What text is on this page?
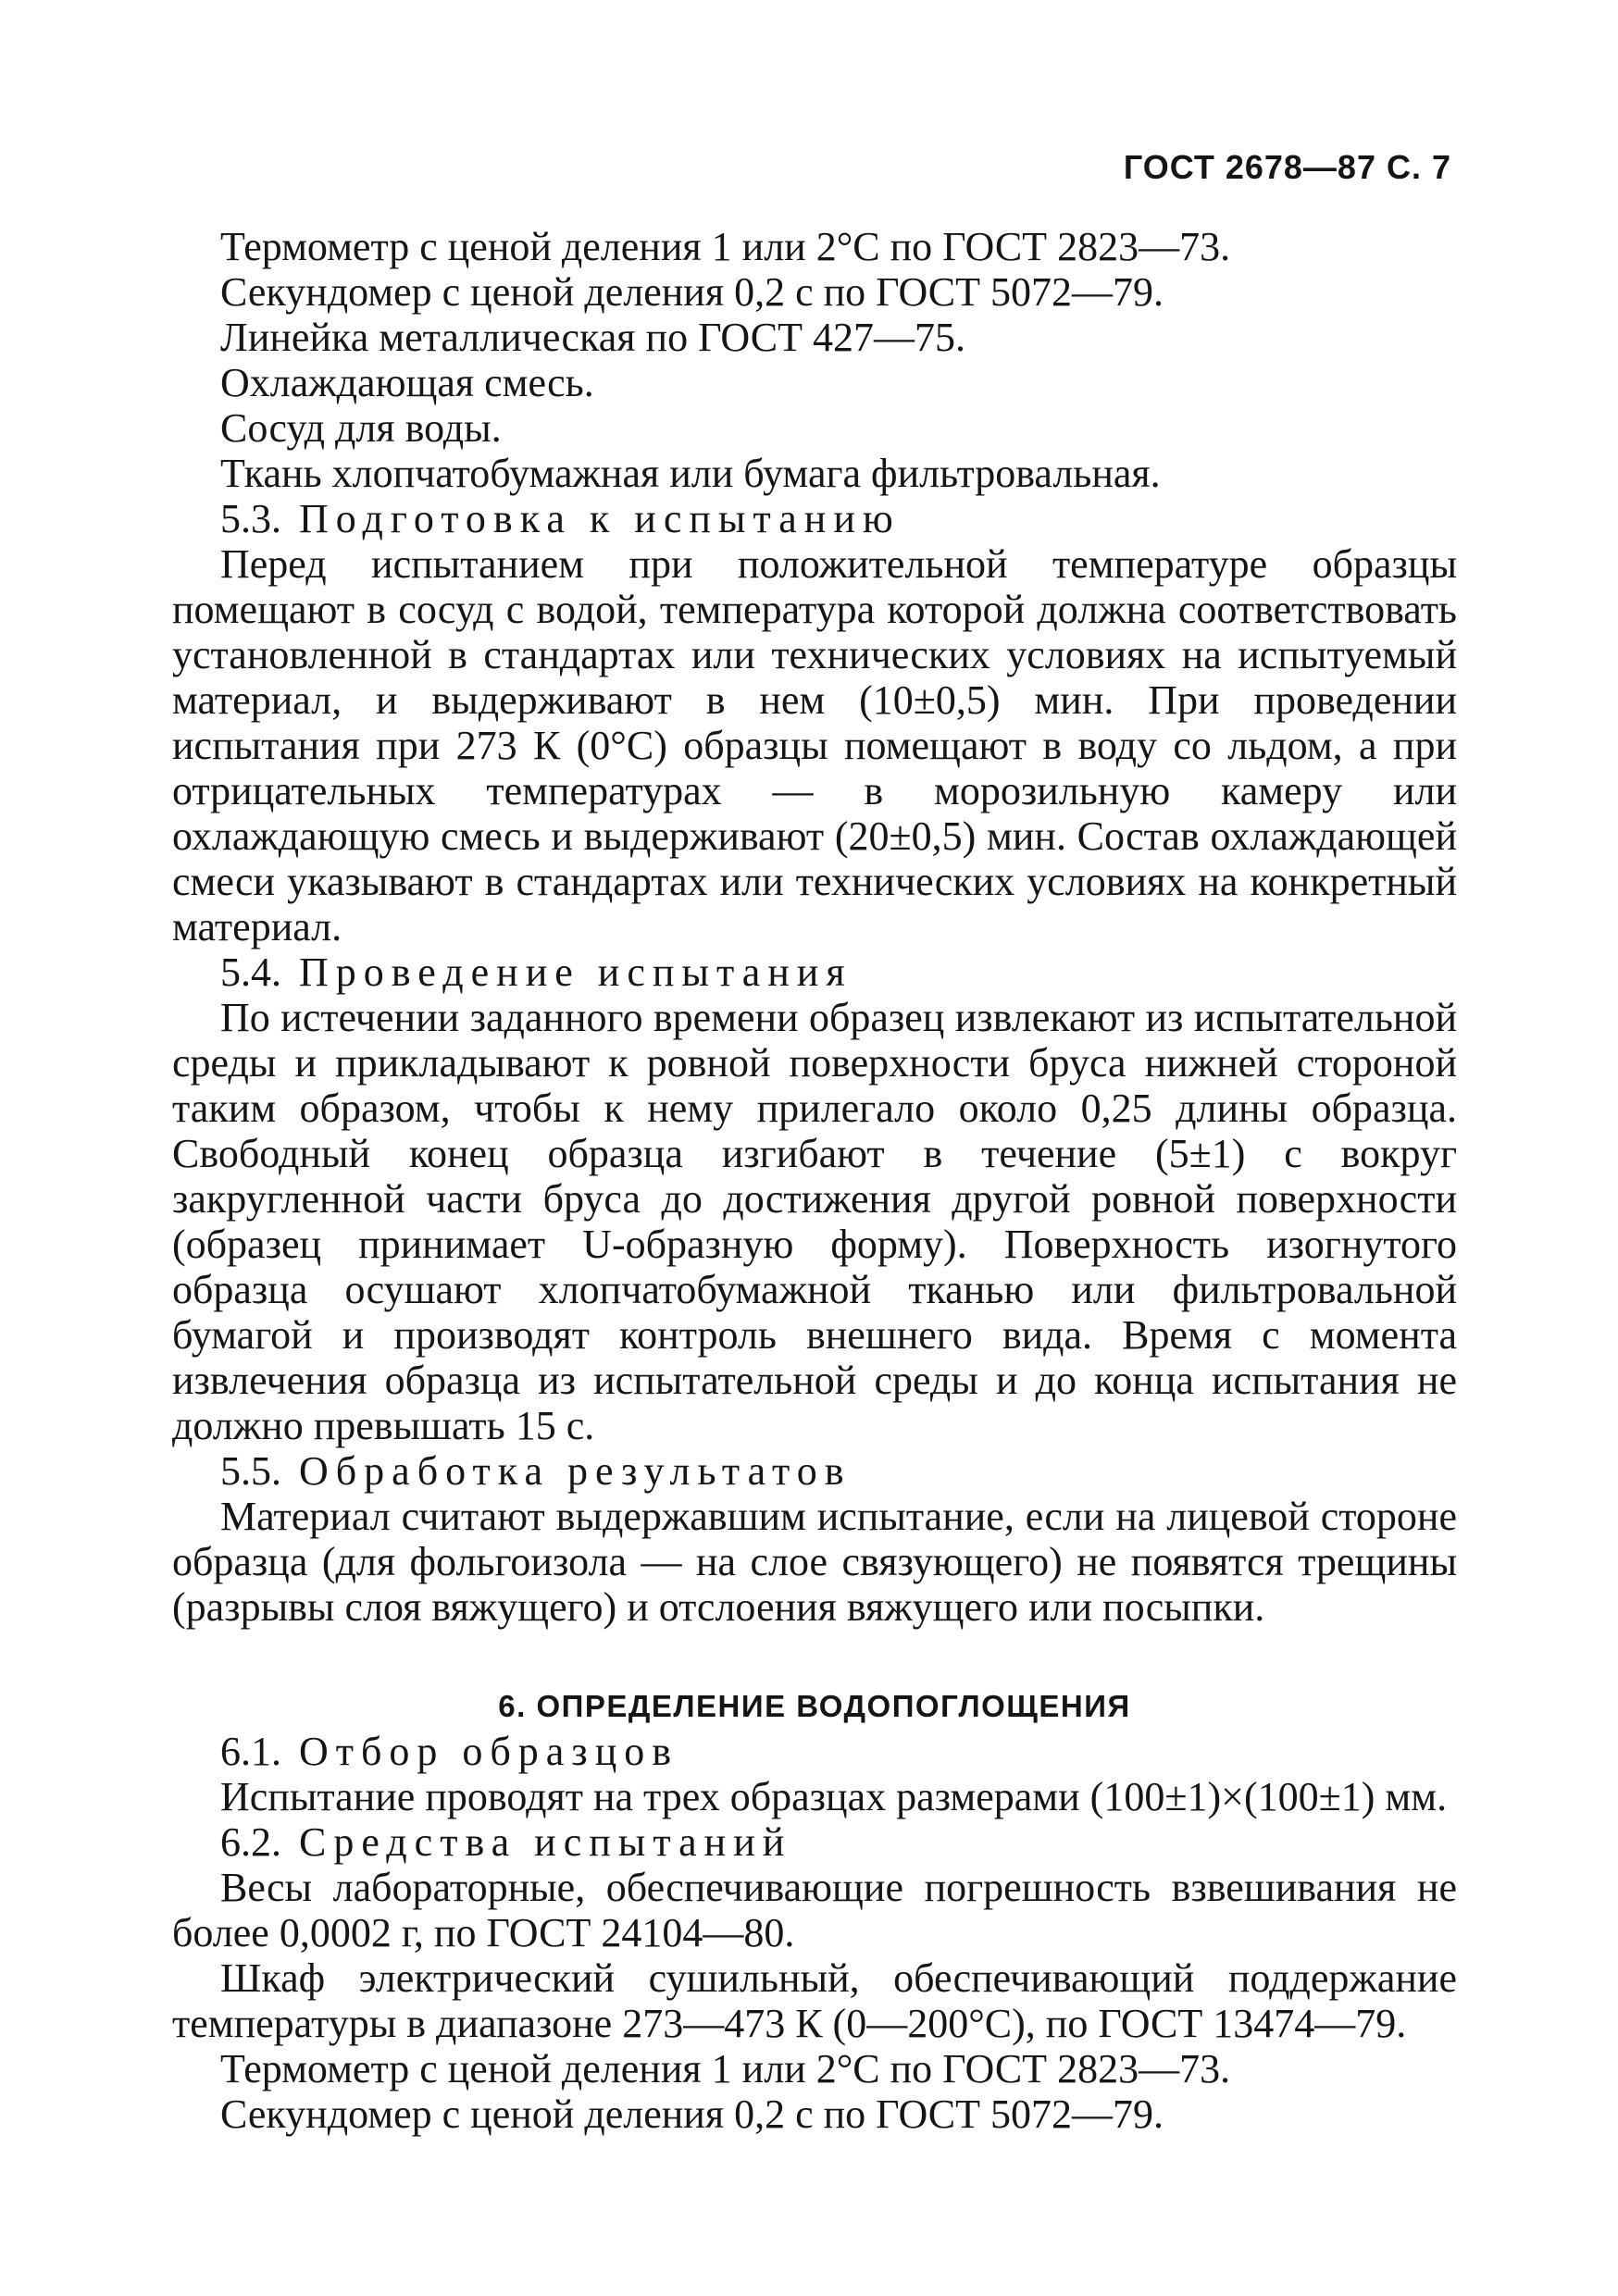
ГОСТ 2678—87 С. 7

Термометр с ценой деления 1 или 2°С по ГОСТ 2823—73.

Секундомер с ценой деления 0,2 с по ГОСТ 5072—79.

Линейка металлическая по ГОСТ 427—75.

Охлаждающая смесь.

Сосуд для воды.

Ткань хлопчатобумажная или бумага фильтровальная.

5.3. Подготовка к испытанию

Перед испытанием при положительной температуре образцы помещают в сосуд с водой, температура которой должна соответствовать установленной в стандартах или технических условиях на испытуемый материал, и выдерживают в нем (10±0,5) мин. При проведении испытания при 273 К (0°С) образцы помещают в воду со льдом, а при отрицательных температурах — в морозильную камеру или охлаждающую смесь и выдерживают (20±0,5) мин. Состав охлаждающей смеси указывают в стандартах или технических условиях на конкретный материал.

5.4. Проведение испытания

По истечении заданного времени образец извлекают из испытательной среды и прикладывают к ровной поверхности бруса нижней стороной таким образом, чтобы к нему прилегало около 0,25 длины образца. Свободный конец образца изгибают в течение (5±1) с вокруг закругленной части бруса до достижения другой ровной поверхности (образец принимает U-образную форму). Поверхность изогнутого образца осушают хлопчатобумажной тканью или фильтровальной бумагой и производят контроль внешнего вида. Время с момента извлечения образца из испытательной среды и до конца испытания не должно превышать 15 с.

5.5. Обработка результатов

Материал считают выдержавшим испытание, если на лицевой стороне образца (для фольгоизола — на слое связующего) не появятся трещины (разрывы слоя вяжущего) и отслоения вяжущего или посыпки.

6. ОПРЕДЕЛЕНИЕ ВОДОПОГЛОЩЕНИЯ

6.1. Отбор образцов

Испытание проводят на трех образцах размерами (100±1)×(100±1) мм.

6.2. Средства испытаний

Весы лабораторные, обеспечивающие погрешность взвешивания не более 0,0002 г, по ГОСТ 24104—80.

Шкаф электрический сушильный, обеспечивающий поддержание температуры в диапазоне 273—473 К (0—200°С), по ГОСТ 13474—79.

Термометр с ценой деления 1 или 2°С по ГОСТ 2823—73.

Секундомер с ценой деления 0,2 с по ГОСТ 5072—79.
